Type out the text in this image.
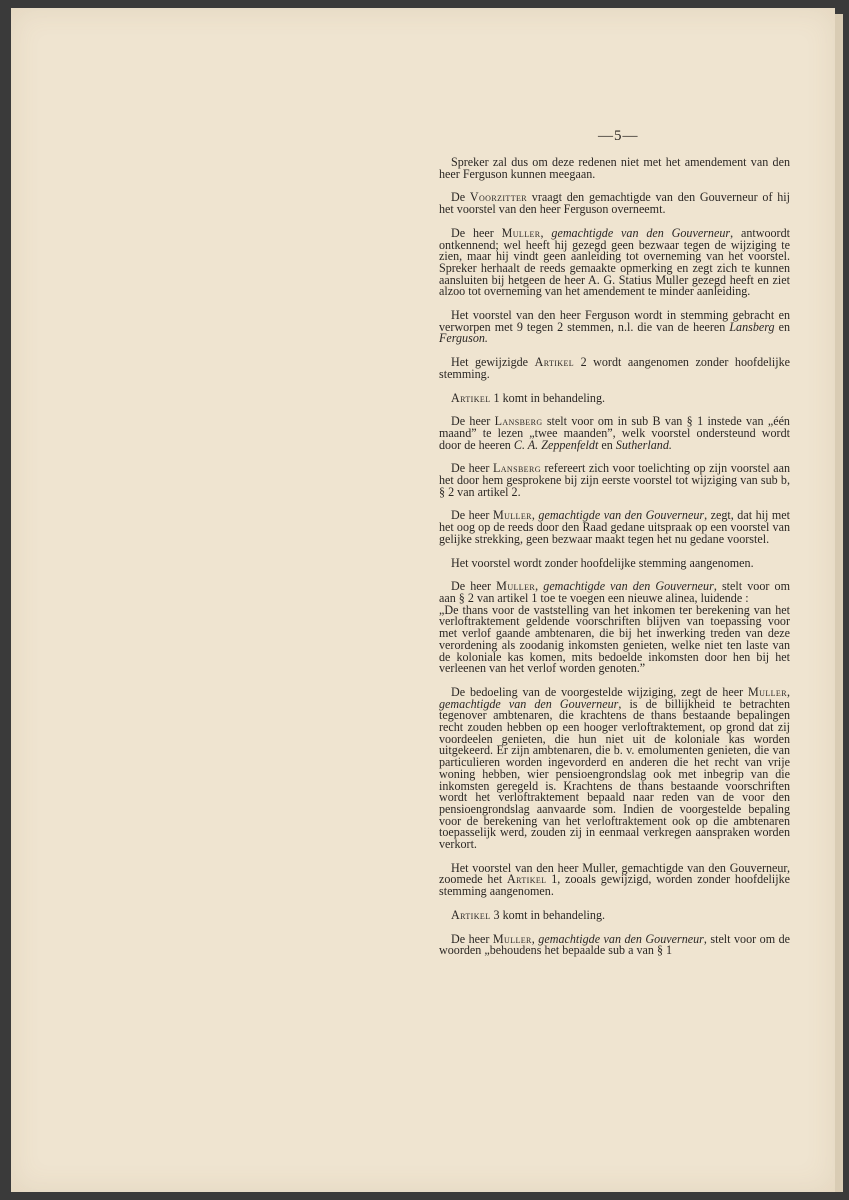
—5—

Spreker zal dus om deze redenen niet met het amendement van den heer Ferguson kunnen meegaan.

De Voorzitter vraagt den gemachtigde van den Gouverneur of hij het voorstel van den heer Ferguson overneemt.

De heer Muller, gemachtigde van den Gouverneur, antwoordt ontkennend; wel heeft hij gezegd geen bezwaar tegen de wijziging te zien, maar hij vindt geen aanleiding tot overneming van het voorstel. Spreker herhaalt de reeds gemaakte opmerking en zegt zich te kunnen aansluiten bij hetgeen de heer A. G. Statius Muller gezegd heeft en ziet alzoo tot overneming van het amendement te minder aanleiding.

Het voorstel van den heer Ferguson wordt in stemming gebracht en verworpen met 9 tegen 2 stemmen, n.l. die van de heeren Lansberg en Ferguson.

Het gewijzigde Artikel 2 wordt aangenomen zonder hoofdelijke stemming.

Artikel 1 komt in behandeling.

De heer Lansberg stelt voor om in sub B van § 1 instede van „één maand” te lezen „twee maanden”, welk voorstel ondersteund wordt door de heeren C. A. Zeppenfeldt en Sutherland.

De heer Lansberg refereert zich voor toelichting op zijn voorstel aan het door hem gesprokene bij zijn eerste voorstel tot wijziging van sub b, § 2 van artikel 2.

De heer Muller, gemachtigde van den Gouverneur, zegt, dat hij met het oog op de reeds door den Raad gedane uitspraak op een voorstel van gelijke strekking, geen bezwaar maakt tegen het nu gedane voorstel.

Het voorstel wordt zonder hoofdelijke stemming aangenomen.

De heer Muller, gemachtigde van den Gouverneur, stelt voor om aan § 2 van artikel 1 toe te voegen een nieuwe alinea, luidende :

„De thans voor de vaststelling van het inkomen ter berekening van het verloftraktement geldende voorschriften blijven van toepassing voor met verlof gaande ambtenaren, die bij het inwerking treden van deze verordening als zoodanig inkomsten genieten, welke niet ten laste van de koloniale kas komen, mits bedoelde inkomsten door hen bij het verleenen van het verlof worden genoten.”

De bedoeling van de voorgestelde wijziging, zegt de heer Muller, gemachtigde van den Gouverneur, is de billijkheid te betrachten tegenover ambtenaren, die krachtens de thans bestaande bepalingen recht zouden hebben op een hooger verloftraktement, op grond dat zij voordeelen genieten, die hun niet uit de koloniale kas worden uitgekeerd. Er zijn ambtenaren, die b. v. emolumenten genieten, die van particulieren worden ingevorderd en anderen die het recht van vrije woning hebben, wier pensioengrondslag ook met inbegrip van die inkomsten geregeld is. Krachtens de thans bestaande voorschriften wordt het verloftraktement bepaald naar reden van de voor den pensioengrondslag aanvaarde som. Indien de voorgestelde bepaling voor de berekening van het verloftraktement ook op die ambtenaren toepasselijk werd, zouden zij in eenmaal verkregen aanspraken worden verkort.

Het voorstel van den heer Muller, gemachtigde van den Gouverneur, zoomede het Artikel 1, zooals gewijzigd, worden zonder hoofdelijke stemming aangenomen.

Artikel 3 komt in behandeling.

De heer Muller, gemachtigde van den Gouverneur, stelt voor om de woorden „behoudens het bepaalde sub a van § 1
